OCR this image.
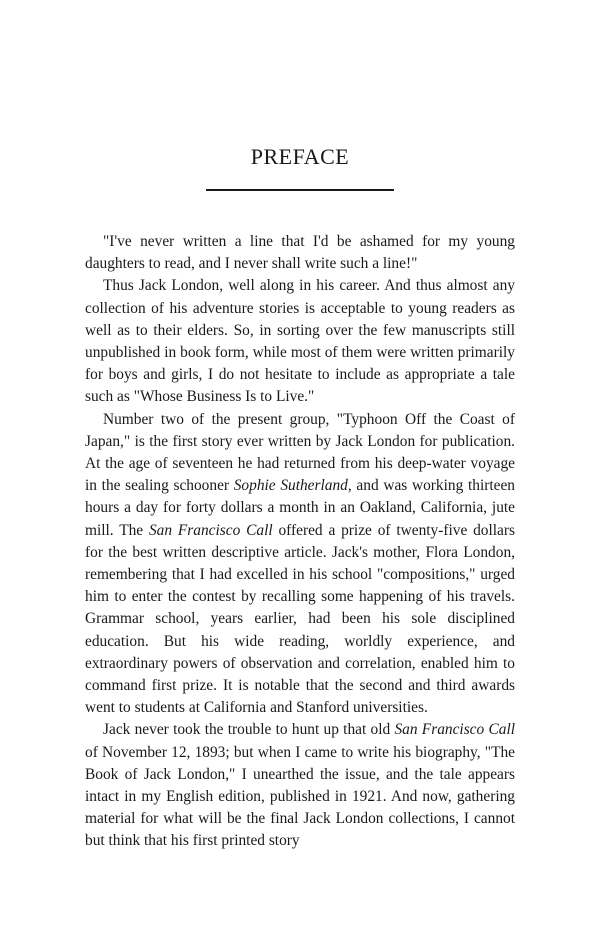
PREFACE

"I've never written a line that I'd be ashamed for my young daughters to read, and I never shall write such a line!"

Thus Jack London, well along in his career. And thus almost any collection of his adventure stories is acceptable to young readers as well as to their elders. So, in sorting over the few manuscripts still unpublished in book form, while most of them were written primarily for boys and girls, I do not hesitate to include as appropriate a tale such as "Whose Business Is to Live."

Number two of the present group, "Typhoon Off the Coast of Japan," is the first story ever written by Jack London for publication. At the age of seventeen he had returned from his deep-water voyage in the sealing schooner Sophie Sutherland, and was working thirteen hours a day for forty dollars a month in an Oakland, California, jute mill. The San Francisco Call offered a prize of twenty-five dollars for the best written descriptive article. Jack's mother, Flora London, remembering that I had excelled in his school "compositions," urged him to enter the contest by recalling some happening of his travels. Grammar school, years earlier, had been his sole disciplined education. But his wide reading, worldly experience, and extraordinary powers of observation and correlation, enabled him to command first prize. It is notable that the second and third awards went to students at California and Stanford universities.

Jack never took the trouble to hunt up that old San Francisco Call of November 12, 1893; but when I came to write his biography, "The Book of Jack London," I unearthed the issue, and the tale appears intact in my English edition, published in 1921. And now, gathering material for what will be the final Jack London collections, I cannot but think that his first printed story
